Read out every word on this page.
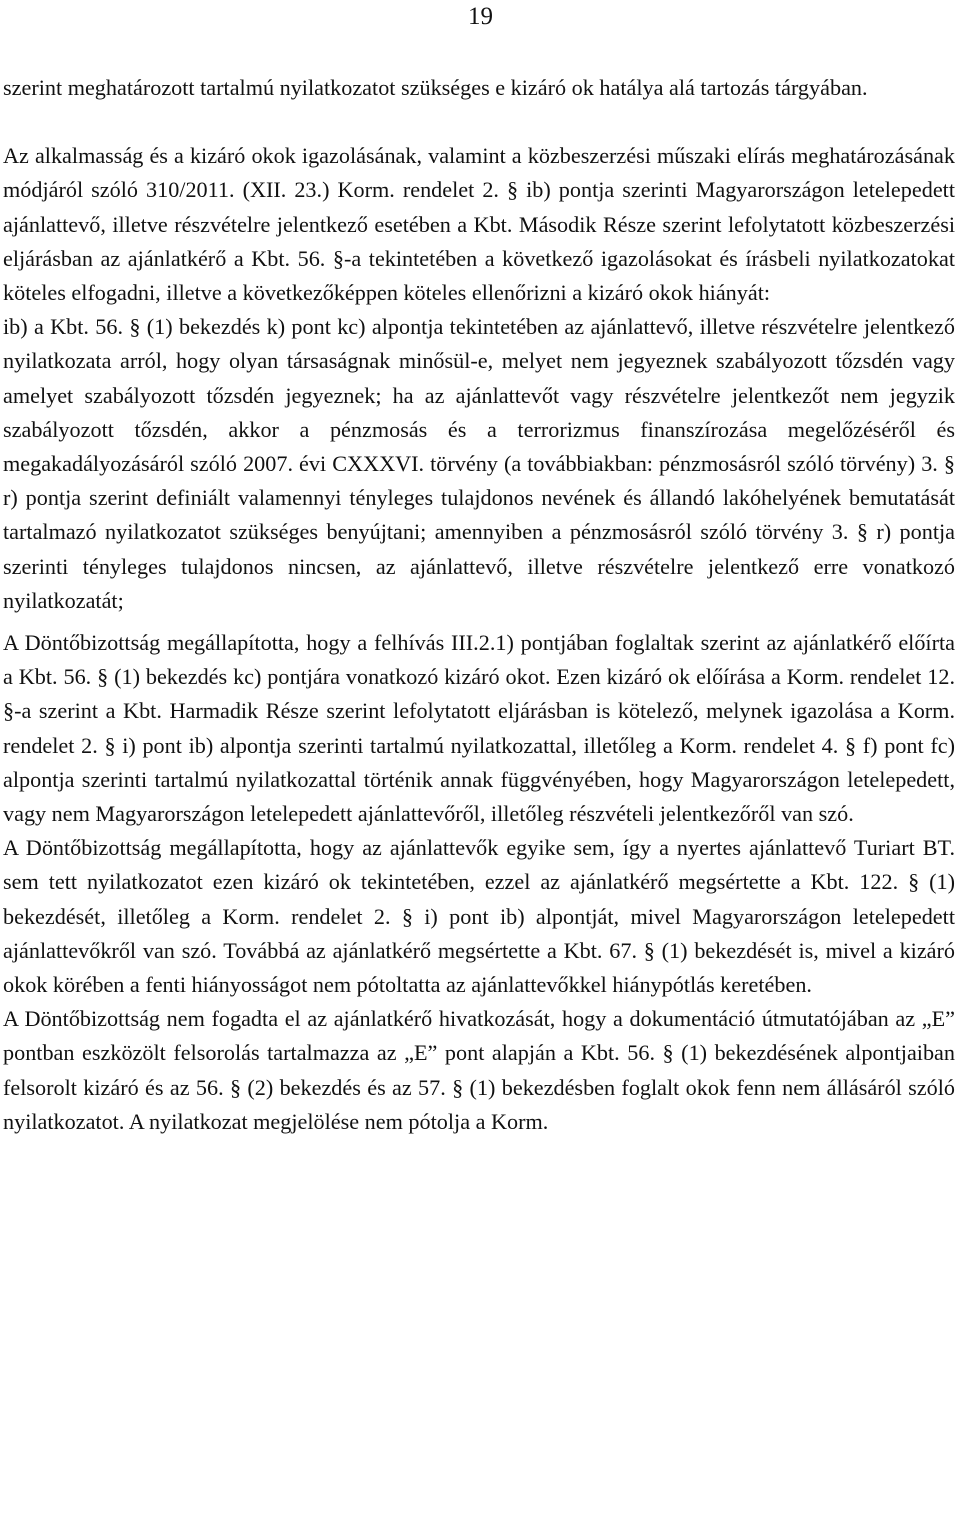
19

szerint meghatározott tartalmú nyilatkozatot szükséges e kizáró ok hatálya alá tartozás tárgyában.

Az alkalmasság és a kizáró okok igazolásának, valamint a közbeszerzési műszaki elírás meghatározásának módjáról szóló 310/2011. (XII. 23.) Korm. rendelet 2. § ib) pontja szerinti Magyarországon letelepedett ajánlattevő, illetve részvételre jelentkező esetében a Kbt. Második Része szerint lefolytatott közbeszerzési eljárásban az ajánlatkérő a Kbt. 56. §-a tekintetében a következő igazolásokat és írásbeli nyilatkozatokat köteles elfogadni, illetve a következőképpen köteles ellenőrizni a kizáró okok hiányát:

ib) a Kbt. 56. § (1) bekezdés k) pont kc) alpontja tekintetében az ajánlattevő, illetve részvételre jelentkező nyilatkozata arról, hogy olyan társaságnak minősül-e, melyet nem jegyeznek szabályozott tőzsdén vagy amelyet szabályozott tőzsdén jegyeznek; ha az ajánlattevőt vagy részvételre jelentkezőt nem jegyzik szabályozott tőzsdén, akkor a pénzmosás és a terrorizmus finanszírozása megelőzéséről és megakadályozásáról szóló 2007. évi CXXXVI. törvény (a továbbiakban: pénzmosásról szóló törvény) 3. § r) pontja szerint definiált valamennyi tényleges tulajdonos nevének és állandó lakóhelyének bemutatását tartalmazó nyilatkozatot szükséges benyújtani; amennyiben a pénzmosásról szóló törvény 3. § r) pontja szerinti tényleges tulajdonos nincsen, az ajánlattevő, illetve részvételre jelentkező erre vonatkozó nyilatkozatát;

A Döntőbizottság megállapította, hogy a felhívás III.2.1) pontjában foglaltak szerint az ajánlatkérő előírta a Kbt. 56. § (1) bekezdés kc) pontjára vonatkozó kizáró okot. Ezen kizáró ok előírása a Korm. rendelet 12. §-a szerint a Kbt. Harmadik Része szerint lefolytatott eljárásban is kötelező, melynek igazolása a Korm. rendelet 2. § i) pont ib) alpontja szerinti tartalmú nyilatkozattal, illetőleg a Korm. rendelet 4. § f) pont fc) alpontja szerinti tartalmú nyilatkozattal történik annak függvényében, hogy Magyarországon letelepedett, vagy nem Magyarországon letelepedett ajánlattevőről, illetőleg részvételi jelentkezőről van szó.

A Döntőbizottság megállapította, hogy az ajánlattevők egyike sem, így a nyertes ajánlattevő Turiart BT. sem tett nyilatkozatot ezen kizáró ok tekintetében, ezzel az ajánlatkérő megsértette a Kbt. 122. § (1) bekezdését, illetőleg a Korm. rendelet 2. § i) pont ib) alpontját, mivel Magyarországon letelepedett ajánlattevőkről van szó. Továbbá az ajánlatkérő megsértette a Kbt. 67. § (1) bekezdését is, mivel a kizáró okok körében a fenti hiányosságot nem pótoltatta az ajánlattevőkkel hiánypótlás keretében.

A Döntőbizottság nem fogadta el az ajánlatkérő hivatkozását, hogy a dokumentáció útmutatójában az „E” pontban eszközölt felsorolás tartalmazza az „E” pont alapján a Kbt. 56. § (1) bekezdésének alpontjaiban felsorolt kizáró és az 56. § (2) bekezdés és az 57. § (1) bekezdésben foglalt okok fenn nem állásáról szóló nyilatkozatot. A nyilatkozat megjelölése nem pótolja a Korm.
